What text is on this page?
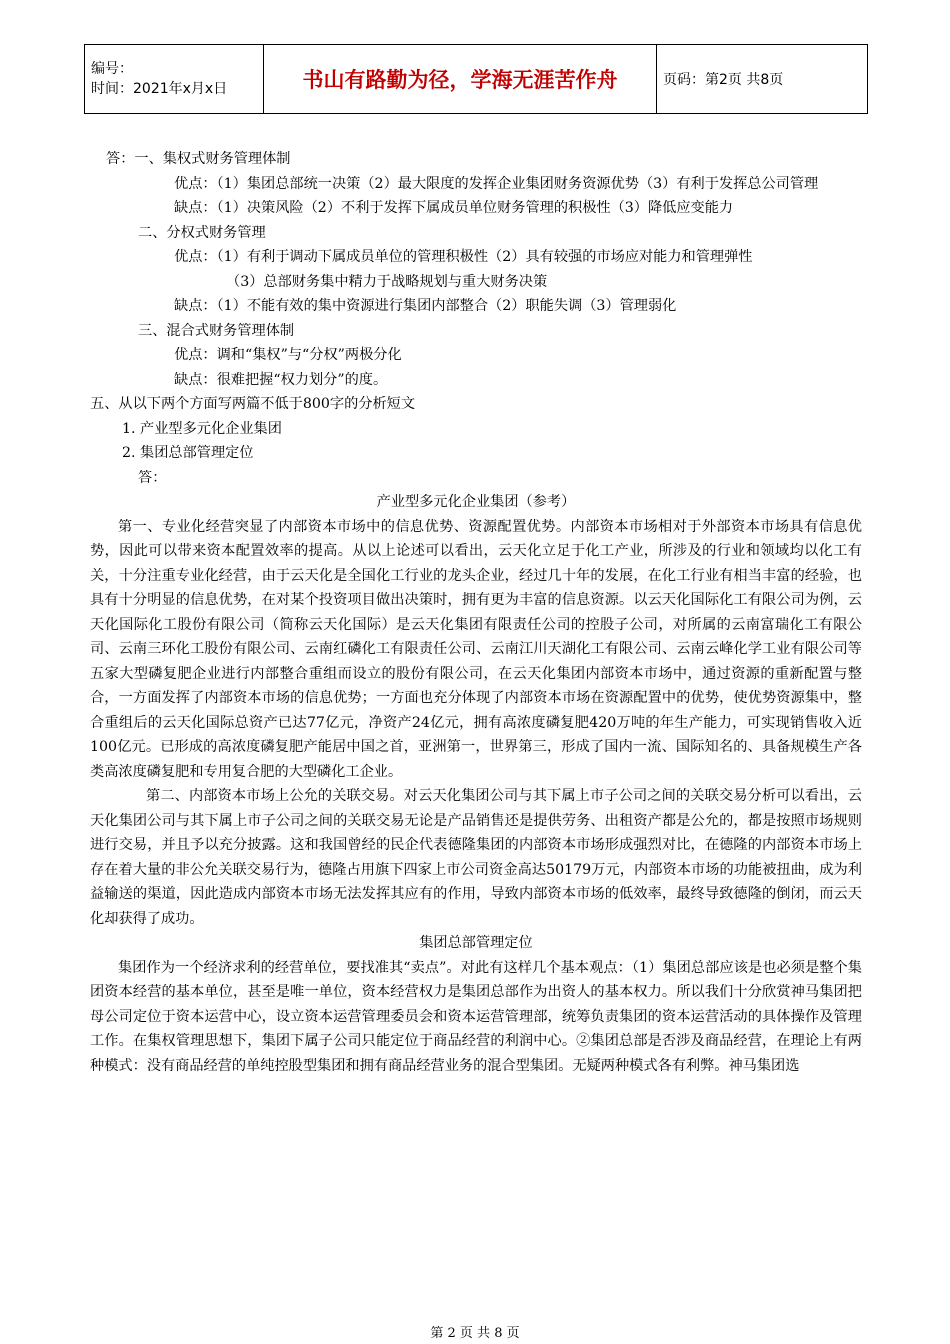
编号：
时间：2021年x月x日	书山有路勤为径，学海无涯苦作舟	页码：第2页 共8页

答：一、集权式财务管理体制

优点：（1）集团总部统一决策（2）最大限度的发挥企业集团财务资源优势（3）有利于发挥总公司管理

缺点：（1）决策风险（2）不利于发挥下属成员单位财务管理的积极性（3）降低应变能力

二、分权式财务管理

优点：（1）有利于调动下属成员单位的管理积极性（2）具有较强的市场应对能力和管理弹性

（3）总部财务集中精力于战略规划与重大财务决策

缺点：（1）不能有效的集中资源进行集团内部整合（2）职能失调（3）管理弱化

三、混合式财务管理体制

优点：调和“集权”与“分权”两极分化

缺点：很难把握“权力划分”的度。

五、从以下两个方面写两篇不低于800字的分析短文

1. 产业型多元化企业集团

2. 集团总部管理定位

答：

产业型多元化企业集团（参考）

第一、专业化经营突显了内部资本市场中的信息优势、资源配置优势。内部资本市场相对于外部资本市场具有信息优势，因此可以带来资本配置效率的提高。从以上论述可以看出，云天化立足于化工产业，所涉及的行业和领域均以化工有关，十分注重专业化经营，由于云天化是全国化工行业的龙头企业，经过几十年的发展，在化工行业有相当丰富的经验，也具有十分明显的信息优势，在对某个投资项目做出决策时，拥有更为丰富的信息资源。以云天化国际化工有限公司为例，云天化国际化工股份有限公司（简称云天化国际）是云天化集团有限责任公司的控股子公司，对所属的云南富瑞化工有限公司、云南三环化工股份有限公司、云南红磷化工有限责任公司、云南江川天湖化工有限公司、云南云峰化学工业有限公司等五家大型磷复肥企业进行内部整合重组而设立的股份有限公司，在云天化集团内部资本市场中，通过资源的重新配置与整合，一方面发挥了内部资本市场的信息优势；一方面也充分体现了内部资本市场在资源配置中的优势，使优势资源集中，整合重组后的云天化国际总资产已达77亿元，净资产24亿元，拥有高浓度磷复肥420万吨的年生产能力，可实现销售收入近100亿元。已形成的高浓度磷复肥产能居中国之首，亚洲第一，世界第三，形成了国内一流、国际知名的、具备规模生产各类高浓度磷复肥和专用复合肥的大型磷化工企业。

第二、内部资本市场上公允的关联交易。对云天化集团公司与其下属上市子公司之间的关联交易分析可以看出，云天化集团公司与其下属上市子公司之间的关联交易无论是产品销售还是提供劳务、出租资产都是公允的，都是按照市场规则进行交易，并且予以充分披露。这和我国曾经的民企代表德隆集团的内部资本市场形成强烈对比，在德隆的内部资本市场上存在着大量的非公允关联交易行为，德隆占用旗下四家上市公司资金高达50179万元，内部资本市场的功能被扭曲，成为利益输送的渠道，因此造成内部资本市场无法发挥其应有的作用，导致内部资本市场的低效率，最终导致德隆的倒闭，而云天化却获得了成功。

集团总部管理定位

集团作为一个经济求利的经营单位，要找准其“卖点”。对此有这样几个基本观点：（1）集团总部应该是也必须是整个集团资本经营的基本单位，甚至是唯一单位，资本经营权力是集团总部作为出资人的基本权力。所以我们十分欣赏神马集团把母公司定位于资本运营中心，设立资本运营管理委员会和资本运营管理部，统筹负责集团的资本运营活动的具体操作及管理工作。在集权管理思想下，集团下属子公司只能定位于商品经营的利润中心。②集团总部是否涉及商品经营，在理论上有两种模式：没有商品经营的单纯控股型集团和拥有商品经营业务的混合型集团。无疑两种模式各有利弊。神马集团选

第 2 页 共 8 页
